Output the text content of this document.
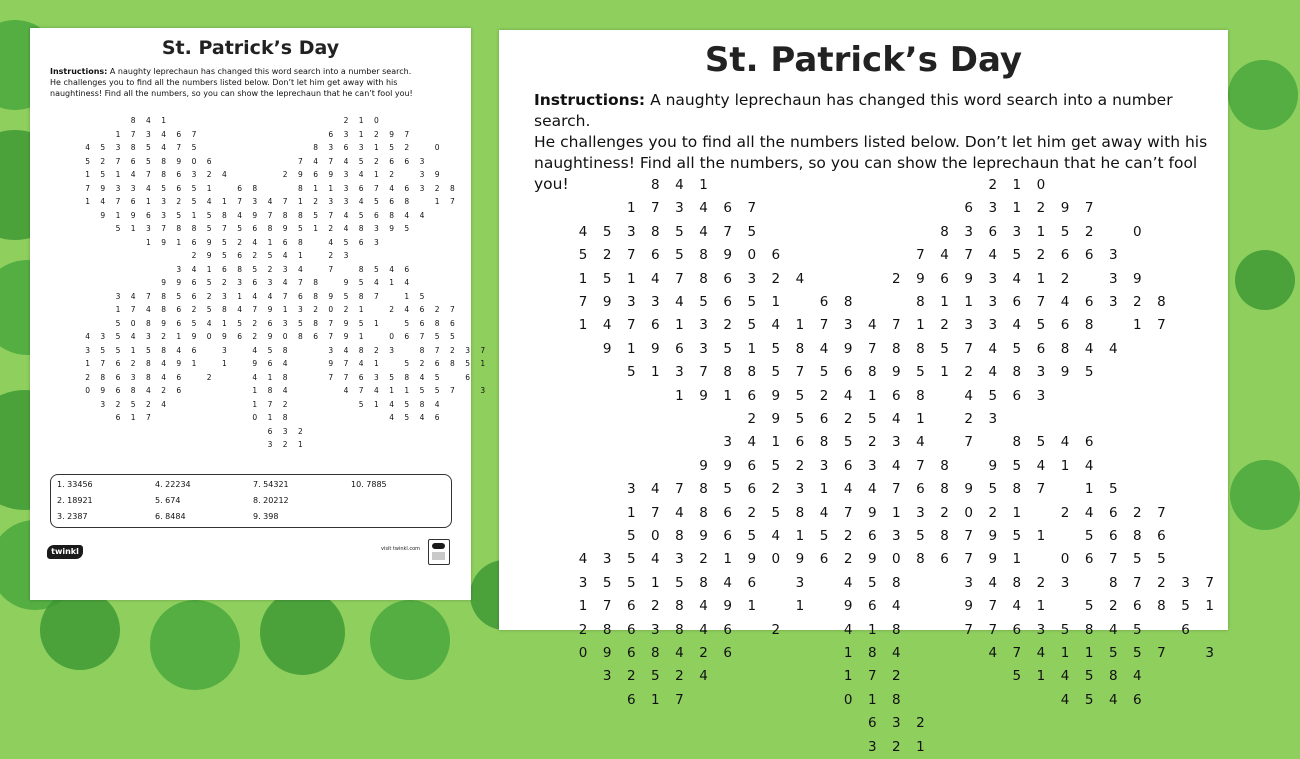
St. Patrick’s Day
Instructions: A naughty leprechaun has changed this word search into a number search.
He challenges you to find all the numbers listed below. Don’t let him get away with his
naughtiness! Find all the numbers, so you can show the leprechaun that he can’t fool you!
8	4	1	2	1	0
1	7	3	4	6	7	6	3	1	2	9	7
4	5	3	8	5	4	7	5	8	3	6	3	1	5	2	0
5	2	7	6	5	8	9	0	6	7	4	7	4	5	2	6	6	3
1	5	1	4	7	8	6	3	2	4	2	9	6	9	3	4	1	2	3	9
7	9	3	3	4	5	6	5	1	6	8	8	1	1	3	6	7	4	6	3	2	8
1	4	7	6	1	3	2	5	4	1	7	3	4	7	1	2	3	3	4	5	6	8	1	7
9	1	9	6	3	5	1	5	8	4	9	7	8	8	5	7	4	5	6	8	4	4
5	1	3	7	8	8	5	7	5	6	8	9	5	1	2	4	8	3	9	5
1	9	1	6	9	5	2	4	1	6	8	4	5	6	3
2	9	5	6	2	5	4	1	2	3
3	4	1	6	8	5	2	3	4	7	8	5	4	6
9	9	6	5	2	3	6	3	4	7	8	9	5	4	1	4
3	4	7	8	5	6	2	3	1	4	4	7	6	8	9	5	8	7	1	5
1	7	4	8	6	2	5	8	4	7	9	1	3	2	0	2	1	2	4	6	2	7
5	0	8	9	6	5	4	1	5	2	6	3	5	8	7	9	5	1	5	6	8	6
4	3	5	4	3	2	1	9	0	9	6	2	9	0	8	6	7	9	1	0	6	7	5	5
3	5	5	1	5	8	4	6	3	4	5	8	3	4	8	2	3	8	7	2	3	7
1	7	6	2	8	4	9	1	1	9	6	4	9	7	4	1	5	2	6	8	5	1
2	8	6	3	8	4	6	2	4	1	8	7	7	6	3	5	8	4	5	6
0	9	6	8	4	2	6	1	8	4	4	7	4	1	1	5	5	7	3
3	2	5	2	4	1	7	2	5	1	4	5	8	4
6	1	7	0	1	8	4	5	4	6
6	3	2
3	2	1
1. 33456	4. 22234	7. 54321	10. 7885
2. 18921	5. 674	8. 20212
3. 2387	6. 8484	9. 398
twinkl	visit twinkl.com
St. Patrick’s Day
Instructions: A naughty leprechaun has changed this word search into a number search.
He challenges you to find all the numbers listed below. Don’t let him get away with his
naughtiness! Find all the numbers, so you can show the leprechaun that he can’t fool you!	8	4	1	2	1	0
1	7	3	4	6	7	6	3	1	2	9	7
4	5	3	8	5	4	7	5	8	3	6	3	1	5	2	0
5	2	7	6	5	8	9	0	6	7	4	7	4	5	2	6	6	3
1	5	1	4	7	8	6	3	2	4	2	9	6	9	3	4	1	2	3	9
7	9	3	3	4	5	6	5	1	6	8	8	1	1	3	6	7	4	6	3	2	8
1	4	7	6	1	3	2	5	4	1	7	3	4	7	1	2	3	3	4	5	6	8	1	7
9	1	9	6	3	5	1	5	8	4	9	7	8	8	5	7	4	5	6	8	4	4
5	1	3	7	8	8	5	7	5	6	8	9	5	1	2	4	8	3	9	5
1	9	1	6	9	5	2	4	1	6	8	4	5	6	3
2	9	5	6	2	5	4	1	2	3
3	4	1	6	8	5	2	3	4	7	8	5	4	6
9	9	6	5	2	3	6	3	4	7	8	9	5	4	1	4
3	4	7	8	5	6	2	3	1	4	4	7	6	8	9	5	8	7	1	5
1	7	4	8	6	2	5	8	4	7	9	1	3	2	0	2	1	2	4	6	2	7
5	0	8	9	6	5	4	1	5	2	6	3	5	8	7	9	5	1	5	6	8	6
4	3	5	4	3	2	1	9	0	9	6	2	9	0	8	6	7	9	1	0	6	7	5	5
3	5	5	1	5	8	4	6	3	4	5	8	3	4	8	2	3	8	7	2	3	7
1	7	6	2	8	4	9	1	1	9	6	4	9	7	4	1	5	2	6	8	5	1
2	8	6	3	8	4	6	2	4	1	8	7	7	6	3	5	8	4	5	6
0	9	6	8	4	2	6	1	8	4	4	7	4	1	1	5	5	7	3
3	2	5	2	4	1	7	2	5	1	4	5	8	4
6	1	7	0	1	8	4	5	4	6
6	3	2
3	2	1
